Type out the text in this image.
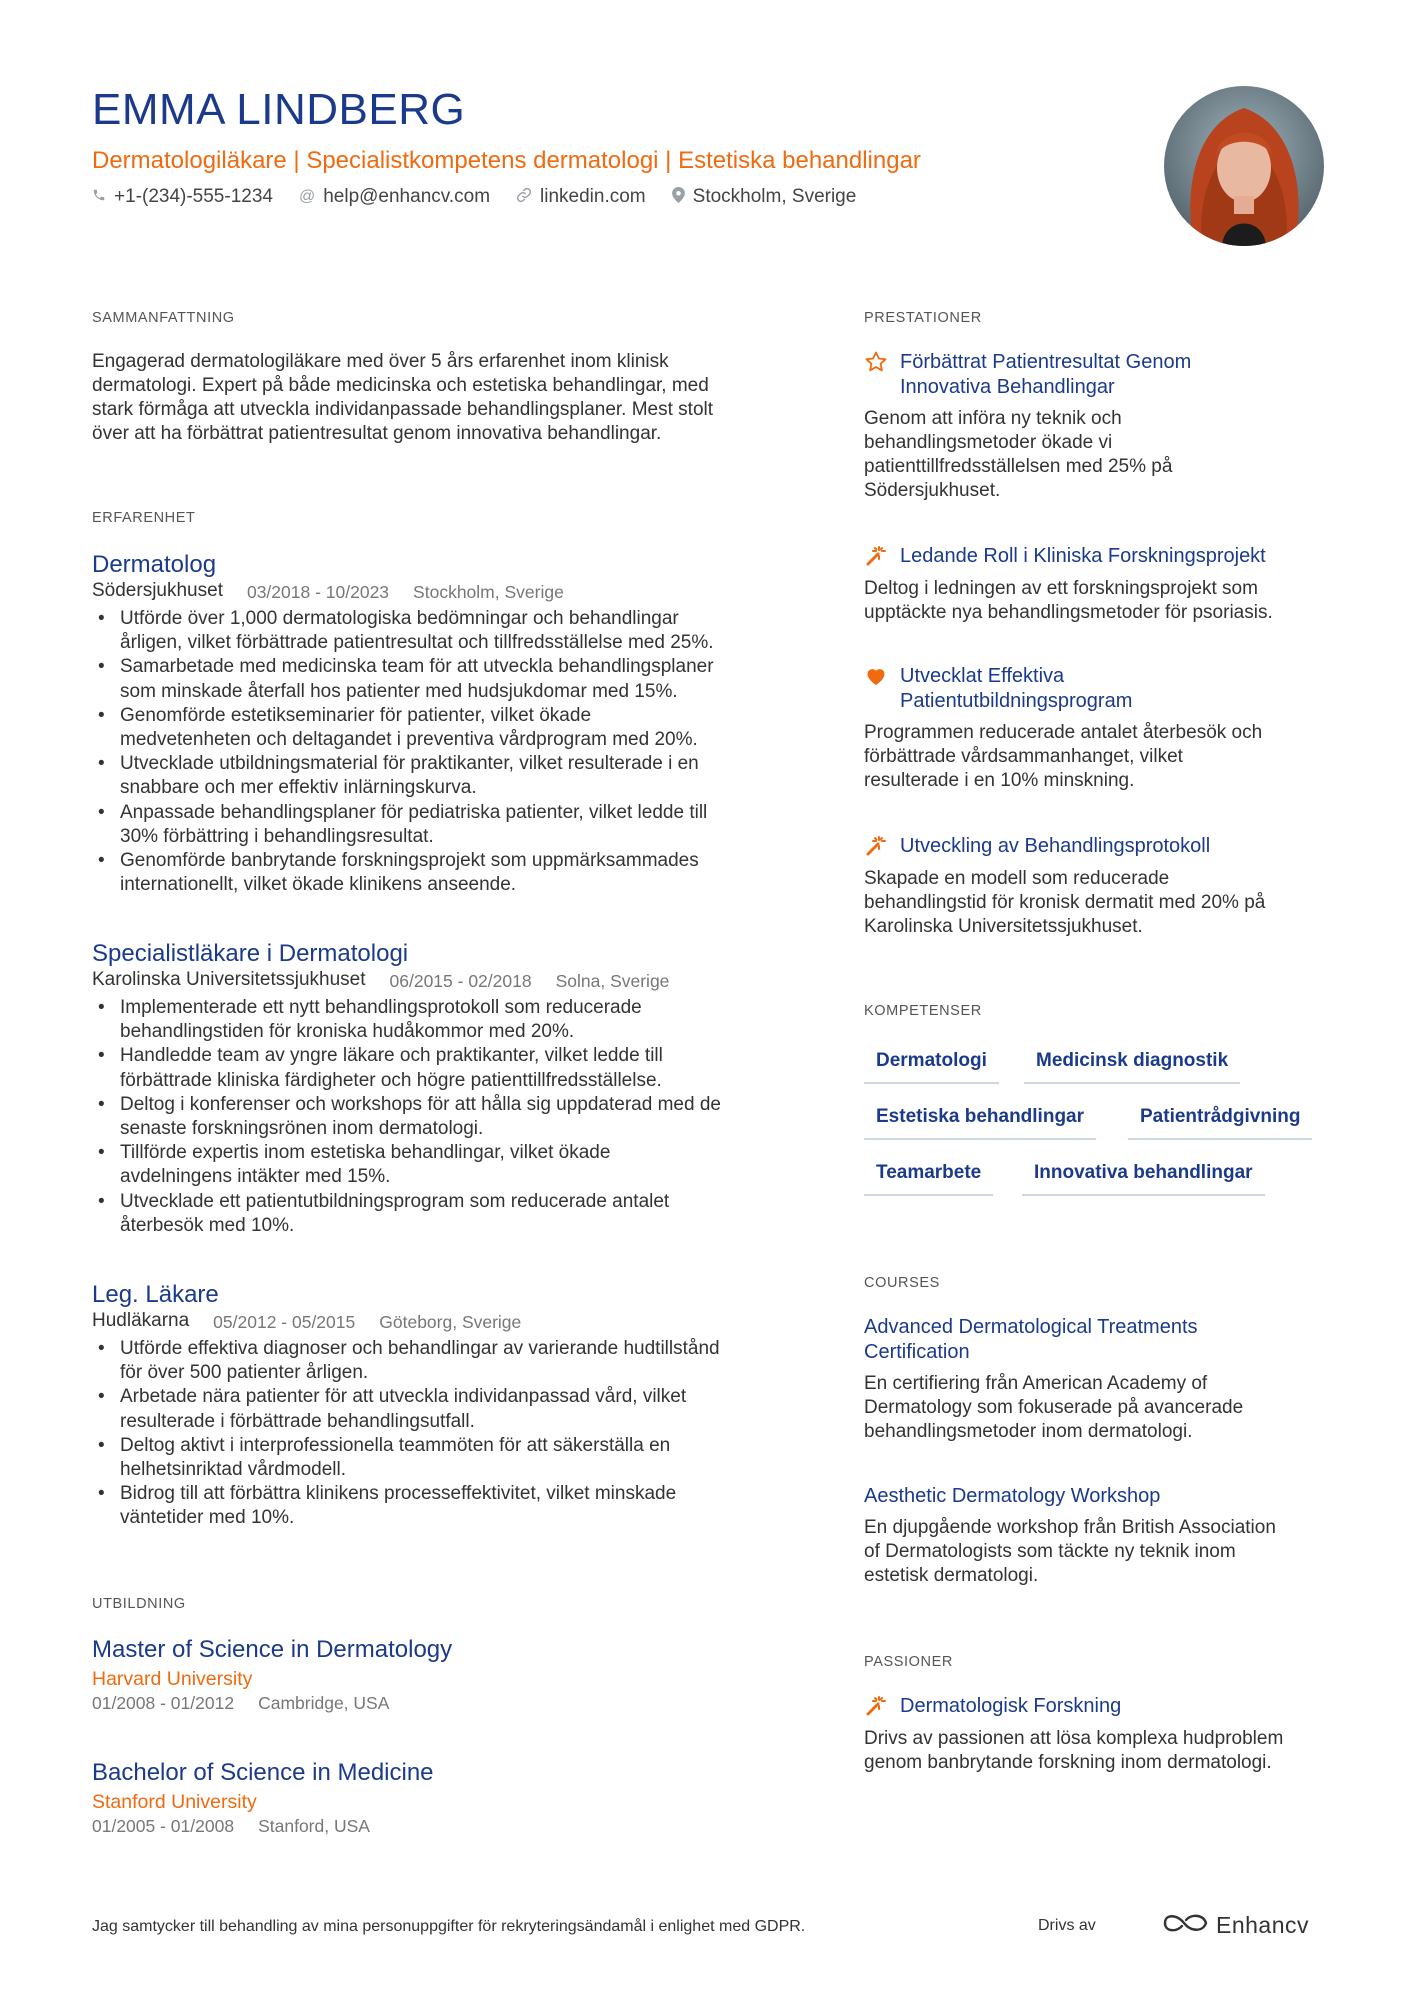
EMMA LINDBERG
Dermatologiläkare | Specialistkompetens dermatologi | Estetiska behandlingar
+1-(234)-555-1234 @ help@enhancv.com	linkedin.com Stockholm, Sverige
SAMMANFATTNING
Engagerad dermatologiläkare med över 5 års erfarenhet inom klinisk
dermatologi. Expert på både medicinska och estetiska behandlingar, med
stark förmåga att utveckla individanpassade behandlingsplaner. Mest stolt
över att ha förbättrat patientresultat genom innovativa behandlingar.
ERFARENHET
Dermatolog
Södersjukhuset 03/2018 - 10/2023 Stockholm, Sverige
• Utförde över 1,000 dermatologiska bedömningar och behandlingar
årligen, vilket förbättrade patientresultat och tillfredsställelse med 25%.
• Samarbetade med medicinska team för att utveckla behandlingsplaner
som minskade återfall hos patienter med hudsjukdomar med 15%.
• Genomförde estetikseminarier för patienter, vilket ökade
medvetenheten och deltagandet i preventiva vårdprogram med 20%.
• Utvecklade utbildningsmaterial för praktikanter, vilket resulterade i en
snabbare och mer effektiv inlärningskurva.
• Anpassade behandlingsplaner för pediatriska patienter, vilket ledde till
30% förbättring i behandlingsresultat.
• Genomförde banbrytande forskningsprojekt som uppmärksammades
internationellt, vilket ökade klinikens anseende.
Specialistläkare i Dermatologi
Karolinska Universitetssjukhuset 06/2015 - 02/2018 Solna, Sverige
• Implementerade ett nytt behandlingsprotokoll som reducerade
behandlingstiden för kroniska hudåkommor med 20%.
• Handledde team av yngre läkare och praktikanter, vilket ledde till
förbättrade kliniska färdigheter och högre patienttillfredsställelse.
• Deltog i konferenser och workshops för att hålla sig uppdaterad med de
senaste forskningsrönen inom dermatologi.
• Tillförde expertis inom estetiska behandlingar, vilket ökade
avdelningens intäkter med 15%.
• Utvecklade ett patientutbildningsprogram som reducerade antalet
återbesök med 10%.
Leg. Läkare
Hudläkarna 05/2012 - 05/2015 Göteborg, Sverige
• Utförde effektiva diagnoser och behandlingar av varierande hudtillstånd
för över 500 patienter årligen.
• Arbetade nära patienter för att utveckla individanpassad vård, vilket
resulterade i förbättrade behandlingsutfall.
• Deltog aktivt i interprofessionella teammöten för att säkerställa en
helhetsinriktad vårdmodell.
• Bidrog till att förbättra klinikens processeffektivitet, vilket minskade
väntetider med 10%.
UTBILDNING
Master of Science in Dermatology
Harvard University
01/2008 - 01/2012 Cambridge, USA
Bachelor of Science in Medicine
Stanford University
01/2005 - 01/2008 Stanford, USA
PRESTATIONER
Förbättrat Patientresultat Genom
Innovativa Behandlingar
Genom att införa ny teknik och
behandlingsmetoder ökade vi
patienttillfredsställelsen med 25% på
Södersjukhuset.
Ledande Roll i Kliniska Forskningsprojekt
Deltog i ledningen av ett forskningsprojekt som
upptäckte nya behandlingsmetoder för psoriasis.
Utvecklat Effektiva
Patientutbildningsprogram
Programmen reducerade antalet återbesök och
förbättrade vårdsammanhanget, vilket
resulterade i en 10% minskning.
Utveckling av Behandlingsprotokoll
Skapade en modell som reducerade
behandlingstid för kronisk dermatit med 20% på
Karolinska Universitetssjukhuset.
KOMPETENSER
Dermatologi	Medicinsk diagnostik
Estetiska behandlingar	Patientrådgivning
Teamarbete	Innovativa behandlingar
COURSES
Advanced Dermatological Treatments
Certification
En certifiering från American Academy of
Dermatology som fokuserade på avancerade
behandlingsmetoder inom dermatologi.
Aesthetic Dermatology Workshop
En djupgående workshop från British Association
of Dermatologists som täckte ny teknik inom
estetisk dermatologi.
PASSIONER
Dermatologisk Forskning
Drivs av passionen att lösa komplexa hudproblem
genom banbrytande forskning inom dermatologi.
Jag samtycker till behandling av mina personuppgifter för rekryteringsändamål i enlighet med GDPR.	Drivs av	Enhancv
